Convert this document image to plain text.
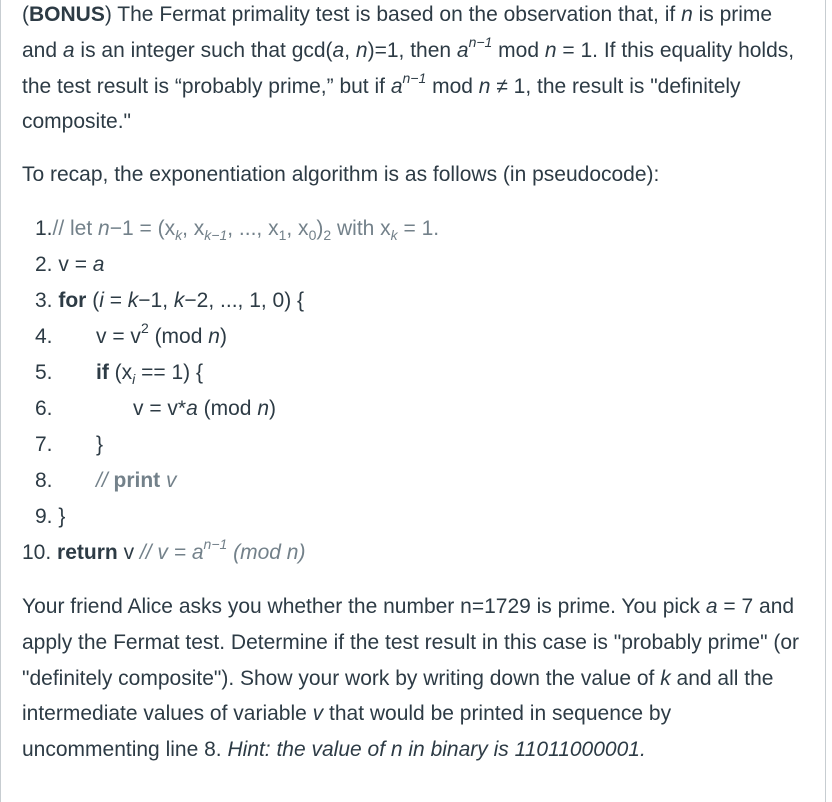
(BONUS) The Fermat primality test is based on the observation that, if n is prime and a is an integer such that gcd(a, n)=1, then $a^{n-1}$ mod n = 1. If this equality holds, the test result is “probably prime,” but if $a^{n-1}$ mod n ≠ 1, the result is "definitely composite."
To recap, the exponentiation algorithm is as follows (in pseudocode):
1.// let $n-1 = (x_k$, $x_{k-1}$, ..., $x_1$, $x_0)_2$ with $x_k = 1$.
2. v = a
3. for (i = k−1, k−2, ..., 1, 0) {
4. $v = v^2$ (mod n)
5. if $(x_i == 1)$ {
6.	v = v*a (mod n)
7. }
8. // print v
9. }
10. return $v // v = a^{n-1}$ (mod n)
Your friend Alice asks you whether the number n=1729 is prime. You pick a = 7 and apply the Fermat test. Determine if the test result in this case is "probably prime" (or "definitely composite"). Show your work by writing down the value of k and all the intermediate values of variable v that would be printed in sequence by uncommenting line 8. Hint: the value of n in binary is 11011000001.
